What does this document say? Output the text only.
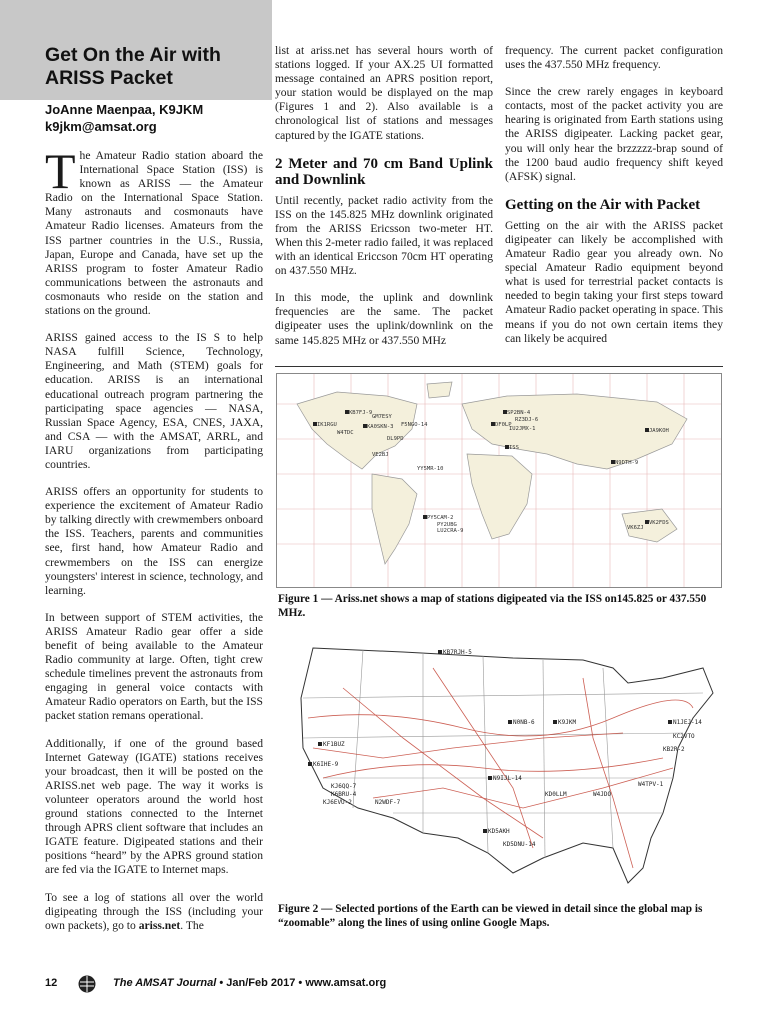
Get On the Air with
ARISS Packet
JoAnne Maenpaa, K9JKM
k9jkm@amsat.org

The Amateur Radio station aboard the International Space Station (ISS) is known as ARISS –– the Amateur Radio on the International Space Station. Many astronauts and cosmonauts have Amateur Radio licenses. Amateurs from the ISS partner countries in the U.S., Russia, Japan, Europe and Canada, have set up the ARISS program to foster Amateur Radio communications between the astronauts and cosmonauts who reside on the station and stations on the ground.

ARISS gained access to the IS S to help NASA fulfill Science, Technology, Engineering, and Math (STEM) goals for education. ARISS is an international educational outreach program partnering the participating space agencies — NASA, Russian Space Agency, ESA, CNES, JAXA, and CSA — with the AMSAT, ARRL, and IARU organizations from participating countries.

ARISS offers an opportunity for students to experience the excitement of Amateur Radio by talking directly with crewmembers onboard the ISS. Teachers, parents and communities see, first hand, how Amateur Radio and crewmembers on the ISS can energize youngsters' interest in science, technology, and learning.

In between support of STEM activities, the ARISS Amateur Radio gear offer a side benefit of being available to the Amateur Radio community at large. Often, tight crew schedule timelines prevent the astronauts from engaging in general voice contacts with Amateur Radio operators on Earth, but the ISS packet station remans operational.

Additionally, if one of the ground based Internet Gateway (IGATE) stations receives your broadcast, then it will be posted on the ARISS.net web page. The way it works is volunteer operators around the world host ground stations connected to the Internet through APRS client software that includes an IGATE feature. Digipeated stations and their positions “heard” by the APRS ground station are fed via the IGATE to Internet maps.

To see a log of stations all over the world digipeating through the ISS (including your own packets), go to ariss.net. The

list at ariss.net has several hours worth of stations logged. If your AX.25 UI formatted message contained an APRS position report, your station would be displayed on the map (Figures 1 and 2). Also available is a chronological list of stations and messages captured by the IGATE stations.

2 Meter and 70 cm Band Uplink and Downlink

Until recently, packet radio activity from the ISS on the 145.825 MHz downlink originated from the ARISS Ericsson two-meter HT. When this 2-meter radio failed, it was replaced with an identical Ericcson 70cm HT operating on 437.550 MHz.

In this mode, the uplink and downlink frequencies are the same. The packet digipeater uses the uplink/downlink on the same 145.825 MHz or 437.550 MHz

frequency. The current packet configuration uses the 437.550 MHz frequency.

Since the crew rarely engages in keyboard contacts, most of the packet activity you are hearing is originated from Earth stations using the ARISS digipeater. Lacking packet gear, you will only hear the brzzzzz-brap sound of the 1200 baud audio frequency shift keyed (AFSK) signal.

Getting on the Air with Packet

Getting on the air with the ARISS packet digipeater can likely be accomplished with Amateur Radio gear you already own. No special Amateur Radio equipment beyond what is used for terrestrial packet contacts is needed to begin taking your first steps toward Amateur Radio packet operating in space. This means if you do not own certain items they can likely be acquired

KB7FJ-9
IK1RGU	KA0SKN-3 F5NGO-14
SP2BN-4
RZ3DJ-6
DF0LP
IU2JMX-1
ISS
W4TDC
GM7ESY
DL9PD
VE2BJ
YY5MR-10
PY5CAM-2
PY2UBG
LU2CRA-9
JA9KOH
N9DTH-9
VK2FDS
VK6ZJ
Figure 1 — Ariss.net shows a map of stations digipeated via the ISS on145.825 or 437.550 MHz.
KB7RJH-5
N0NB-6	K9JKM	N1JEJ-14
KC2VTO
KF1BUZ
KB2R-2
K6IHE-9
KJ6QQ-7
K6BRU-4
KJ6EVU-2	N2WDF-7
W4TPV-1
N9IJL-14
KD0LLM	W4JDO
KD5AKH
KD5DNU-14
Figure 2 — Selected portions of the Earth can be viewed in detail since the global map is “zoomable” along the lines of using online Google Maps.
12	The AMSAT Journal • Jan/Feb 2017 • www.amsat.org
